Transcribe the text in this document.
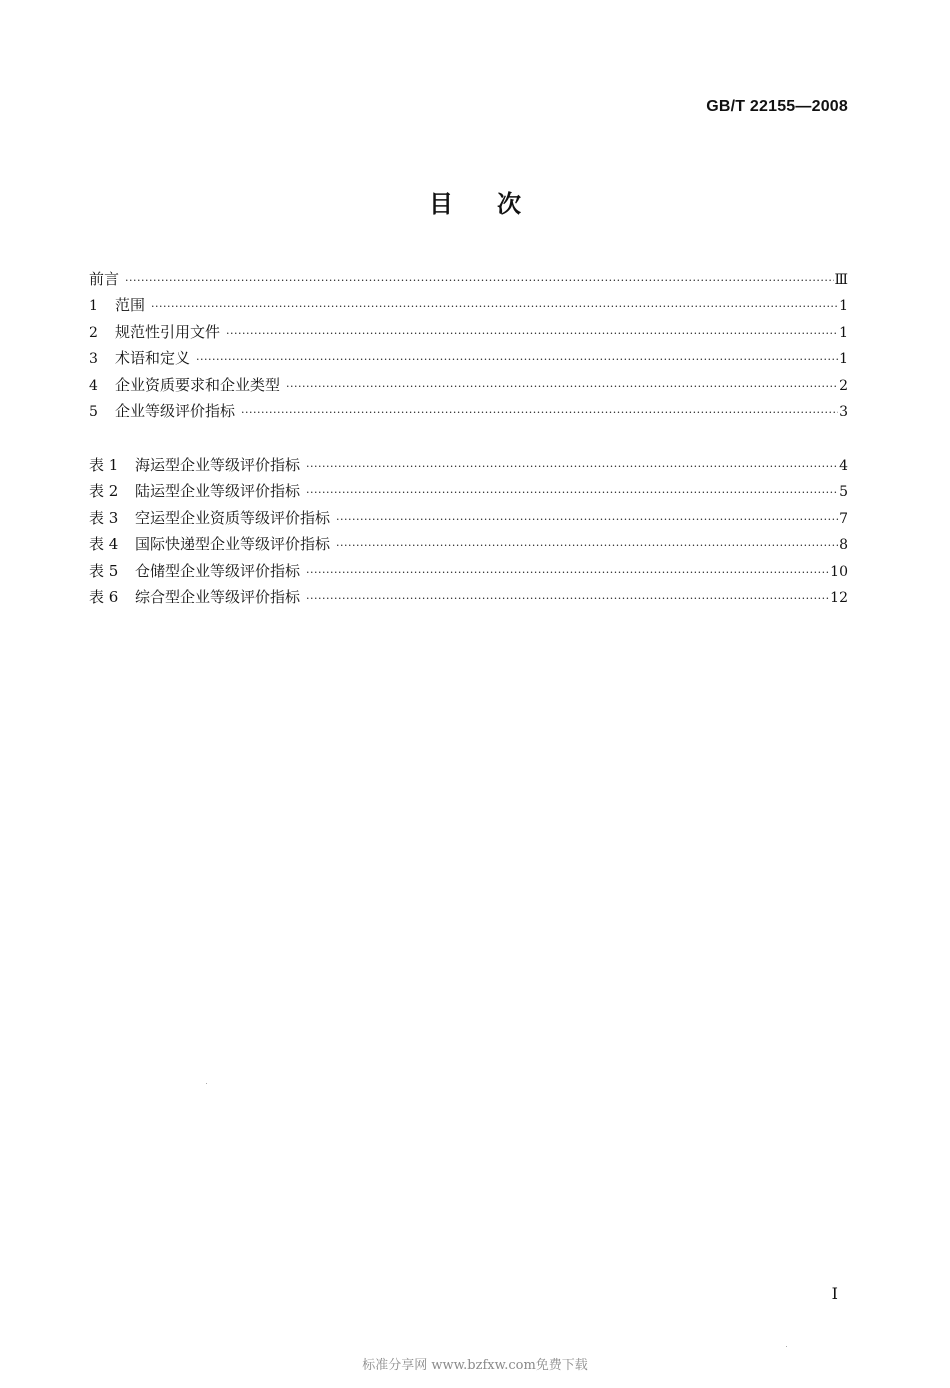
GB/T 22155—2008
目 次
前言 ·····	Ⅲ
1	范围 ·····	1
2	规范性引用文件 ·····	1
3	术语和定义 ·····	1
4	企业资质要求和企业类型 ·····	2
5	企业等级评价指标 ·····	3
表 1	海运型企业等级评价指标 ·····	4
表 2	陆运型企业等级评价指标 ·····	5
表 3	空运型企业资质等级评价指标 ·····	7
表 4	国际快递型企业等级评价指标 ·····	8
表 5	仓储型企业等级评价指标 ·····	10
表 6	综合型企业等级评价指标 ·····	12
I
标准分享网 www.bzfxw.com免费下载
